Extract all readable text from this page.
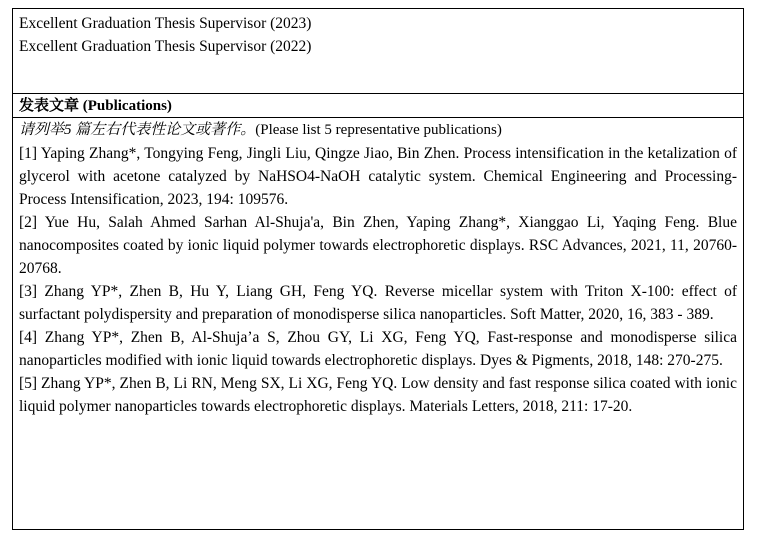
Excellent Graduation Thesis Supervisor (2023)
Excellent Graduation Thesis Supervisor (2022)
发表文章 (Publications)
请列举5 篇左右代表性论文或著作。(Please list 5 representative publications)
[1] Yaping Zhang*, Tongying Feng, Jingli Liu, Qingze Jiao, Bin Zhen. Process intensification in the ketalization of glycerol with acetone catalyzed by NaHSO4-NaOH catalytic system. Chemical Engineering and Processing-Process Intensification, 2023, 194: 109576.
[2] Yue Hu, Salah Ahmed Sarhan Al-Shuja'a, Bin Zhen, Yaping Zhang*, Xianggao Li, Yaqing Feng. Blue nanocomposites coated by ionic liquid polymer towards electrophoretic displays. RSC Advances, 2021, 11, 20760-20768.
[3] Zhang YP*, Zhen B, Hu Y, Liang GH, Feng YQ. Reverse micellar system with Triton X-100: effect of surfactant polydispersity and preparation of monodisperse silica nanoparticles. Soft Matter, 2020, 16, 383 - 389.
[4] Zhang YP*, Zhen B, Al-Shuja’a S, Zhou GY, Li XG, Feng YQ, Fast-response and monodisperse silica nanoparticles modified with ionic liquid towards electrophoretic displays. Dyes & Pigments, 2018, 148: 270-275.
[5] Zhang YP*, Zhen B, Li RN, Meng SX, Li XG, Feng YQ. Low density and fast response silica coated with ionic liquid polymer nanoparticles towards electrophoretic displays. Materials Letters, 2018, 211: 17-20.
